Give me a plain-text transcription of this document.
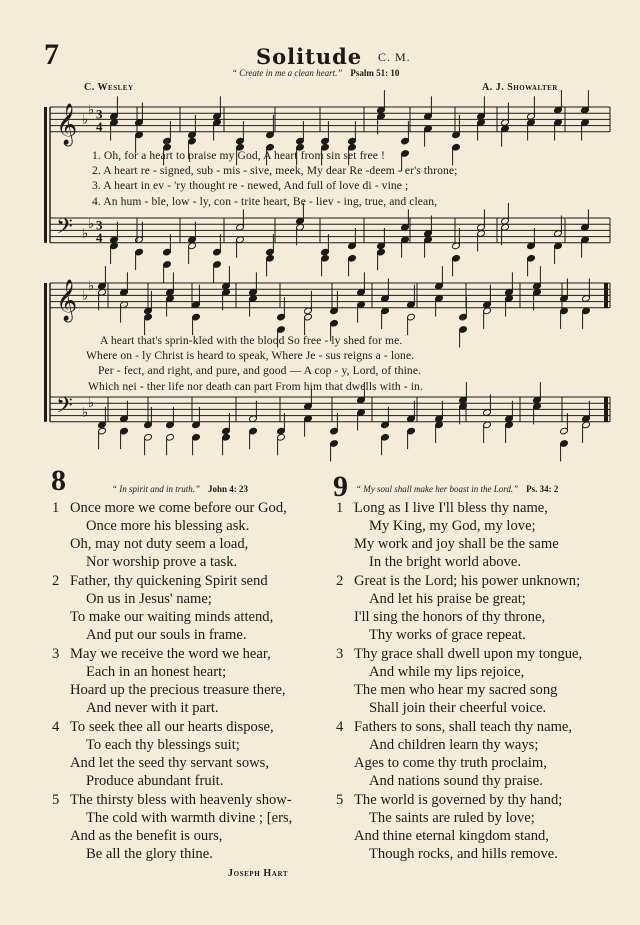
7	Solitude C. M.
“ Create in me a clean heart.” Psalm 51: 10
C. Wesley	A. J. Showalter
𝄞
𝄢
♭
♭
♭
♭
3
4
3
4
𝄞
𝄢
♭
♭
♭
♭
1. Oh, for a heart to praise my God, A heart from sin set free !
2. A heart re - signed, sub - mis - sive, meek, My dear Re -deem - er's throne;
3. A heart in ev - 'ry thought re - newed, And full of love di - vine ;
4. An hum - ble, low - ly, con - trite heart, Be - liev - ing, true, and clean,
A heart that's sprin-kled with the blood So free - ly shed for me.
Where on - ly Christ is heard to speak, Where Je - sus reigns a - lone.
Per - fect, and right, and pure, and good — A cop - y, Lord, of thine.
Which nei - ther life nor death can part From him that dwells with - in.
8	“ In spirit and in truth.” John 4: 23
1 Once more we come before our God,
Once more his blessing ask.
Oh, may not duty seem a load,
Nor worship prove a task.
2 Father, thy quickening Spirit send
On us in Jesus' name;
To make our waiting minds attend,
And put our souls in frame.
3 May we receive the word we hear,
Each in an honest heart;
Hoard up the precious treasure there,
And never with it part.
4 To seek thee all our hearts dispose,
To each thy blessings suit;
And let the seed thy servant sows,
Produce abundant fruit.
5 The thirsty bless with heavenly show-
The cold with warmth divine ; [ers,
And as the benefit is ours,
Be all the glory thine.
Joseph Hart
9 “ My soul shall make her boast in the Lord.” Ps. 34: 2
1 Long as I live I'll bless thy name,
My King, my God, my love;
My work and joy shall be the same
In the bright world above.
2 Great is the Lord; his power unknown;
And let his praise be great;
I'll sing the honors of thy throne,
Thy works of grace repeat.
3 Thy grace shall dwell upon my tongue,
And while my lips rejoice,
The men who hear my sacred song
Shall join their cheerful voice.
4 Fathers to sons, shall teach thy name,
And children learn thy ways;
Ages to come thy truth proclaim,
And nations sound thy praise.
5 The world is governed by thy hand;
The saints are ruled by love;
And thine eternal kingdom stand,
Though rocks, and hills remove.
